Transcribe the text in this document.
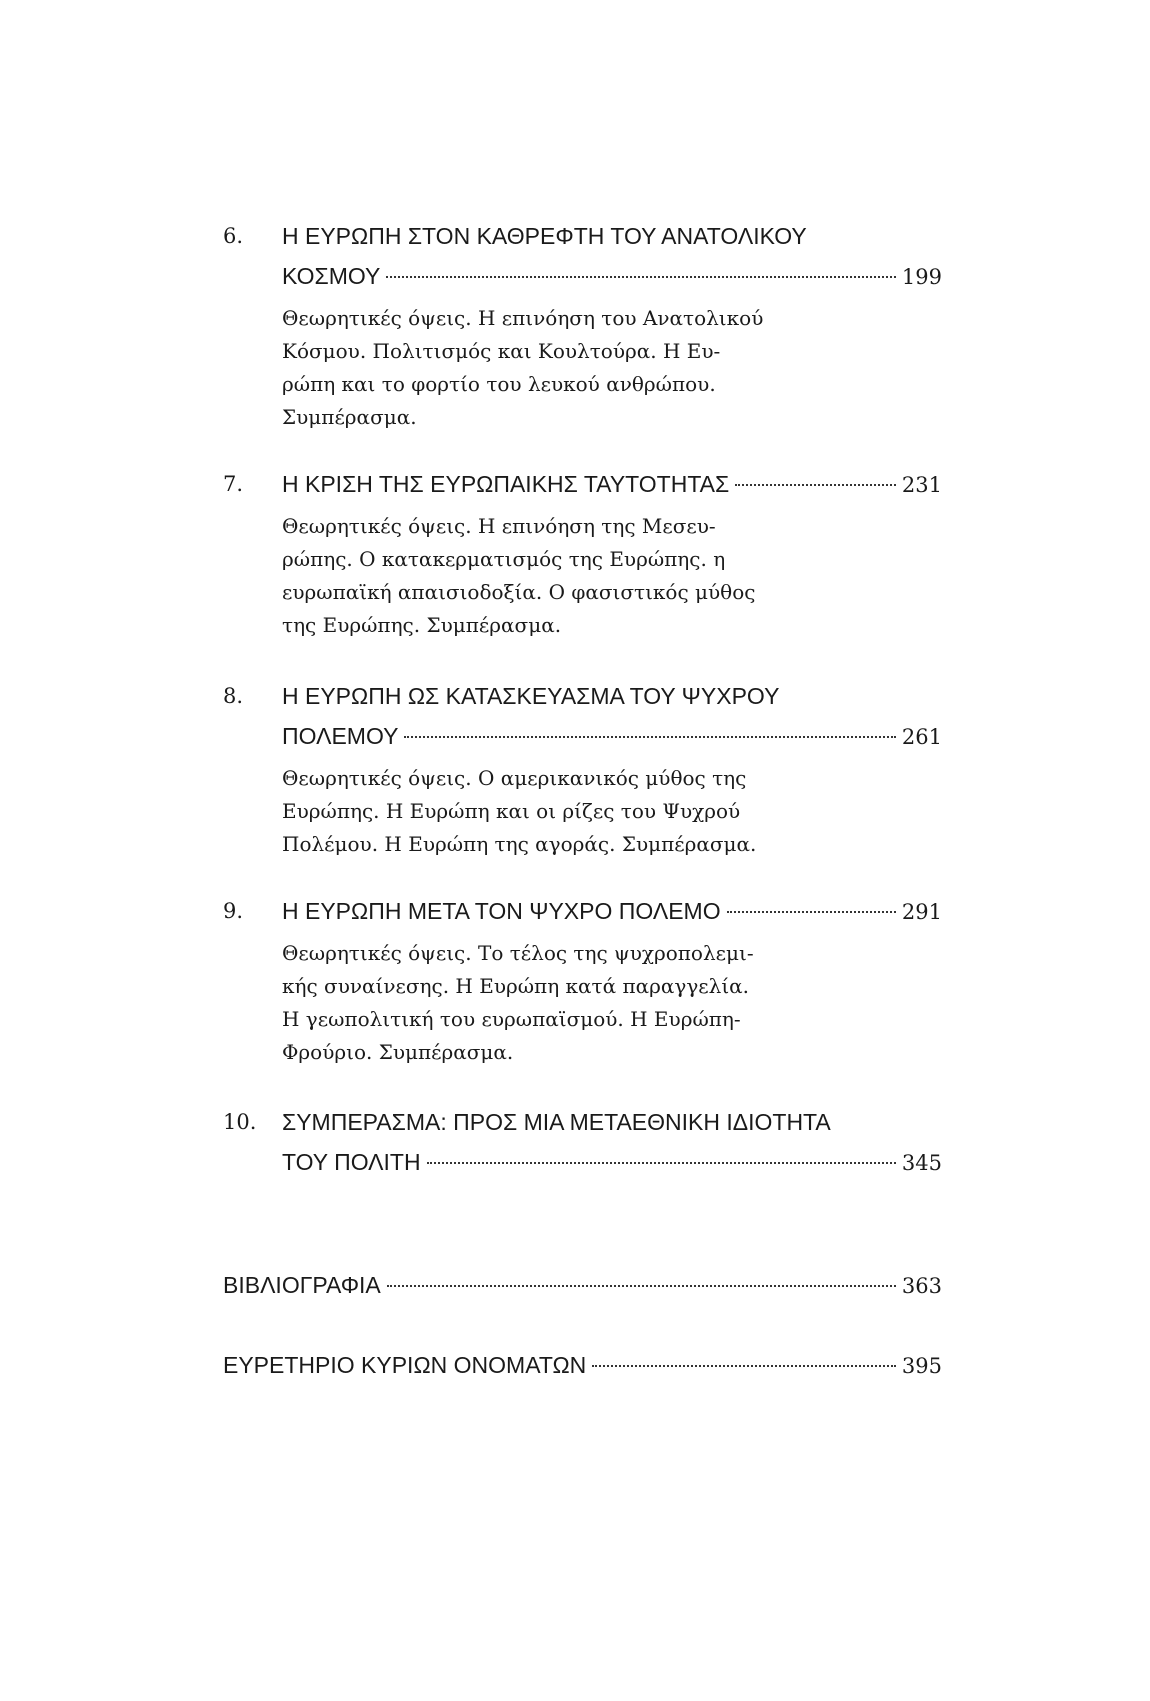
6. Η ΕΥΡΩΠΗ ΣΤΟΝ ΚΑΘΡΕΦΤΗ ΤΟΥ ΑΝΑΤΟΛΙΚΟΥ
ΚΟΣΜΟΥ	199
Θεωρητικές όψεις. Η επινόηση του Ανατολικού
Κόσμου. Πολιτισμός και Κουλτούρα. Η Ευ-
ρώπη και το φορτίο του λευκού ανθρώπου.
Συμπέρασμα.
7. Η ΚΡΙΣΗ ΤΗΣ ΕΥΡΩΠΑΙΚΗΣ ΤΑΥΤΟΤΗΤΑΣ	231
Θεωρητικές όψεις. Η επινόηση της Μεσευ-
ρώπης. Ο κατακερματισμός της Ευρώπης. η
ευρωπαϊκή απαισιοδοξία. Ο φασιστικός μύθος
της Ευρώπης. Συμπέρασμα.
8. Η ΕΥΡΩΠΗ ΩΣ ΚΑΤΑΣΚΕΥΑΣΜΑ ΤΟΥ ΨΥΧΡΟΥ
ΠΟΛΕΜΟΥ	261
Θεωρητικές όψεις. Ο αμερικανικός μύθος της
Ευρώπης. Η Ευρώπη και οι ρίζες του Ψυχρού
Πολέμου. Η Ευρώπη της αγοράς. Συμπέρασμα.
9. Η ΕΥΡΩΠΗ ΜΕΤΑ ΤΟΝ ΨΥΧΡΟ ΠΟΛΕΜΟ	291
Θεωρητικές όψεις. Το τέλος της ψυχροπολεμι-
κής συναίνεσης. Η Ευρώπη κατά παραγγελία.
Η γεωπολιτική του ευρωπαϊσμού. Η Ευρώπη-
Φρούριο. Συμπέρασμα.
10. ΣΥΜΠΕΡΑΣΜΑ: ΠΡΟΣ ΜΙΑ ΜΕΤΑΕΘΝΙΚΗ ΙΔΙΟΤΗΤΑ
ΤΟΥ ΠΟΛΙΤΗ	345
ΒΙΒΛΙΟΓΡΑΦΙΑ	363
ΕΥΡΕΤΗΡΙΟ ΚΥΡΙΩΝ ΟΝΟΜΑΤΩΝ	395
